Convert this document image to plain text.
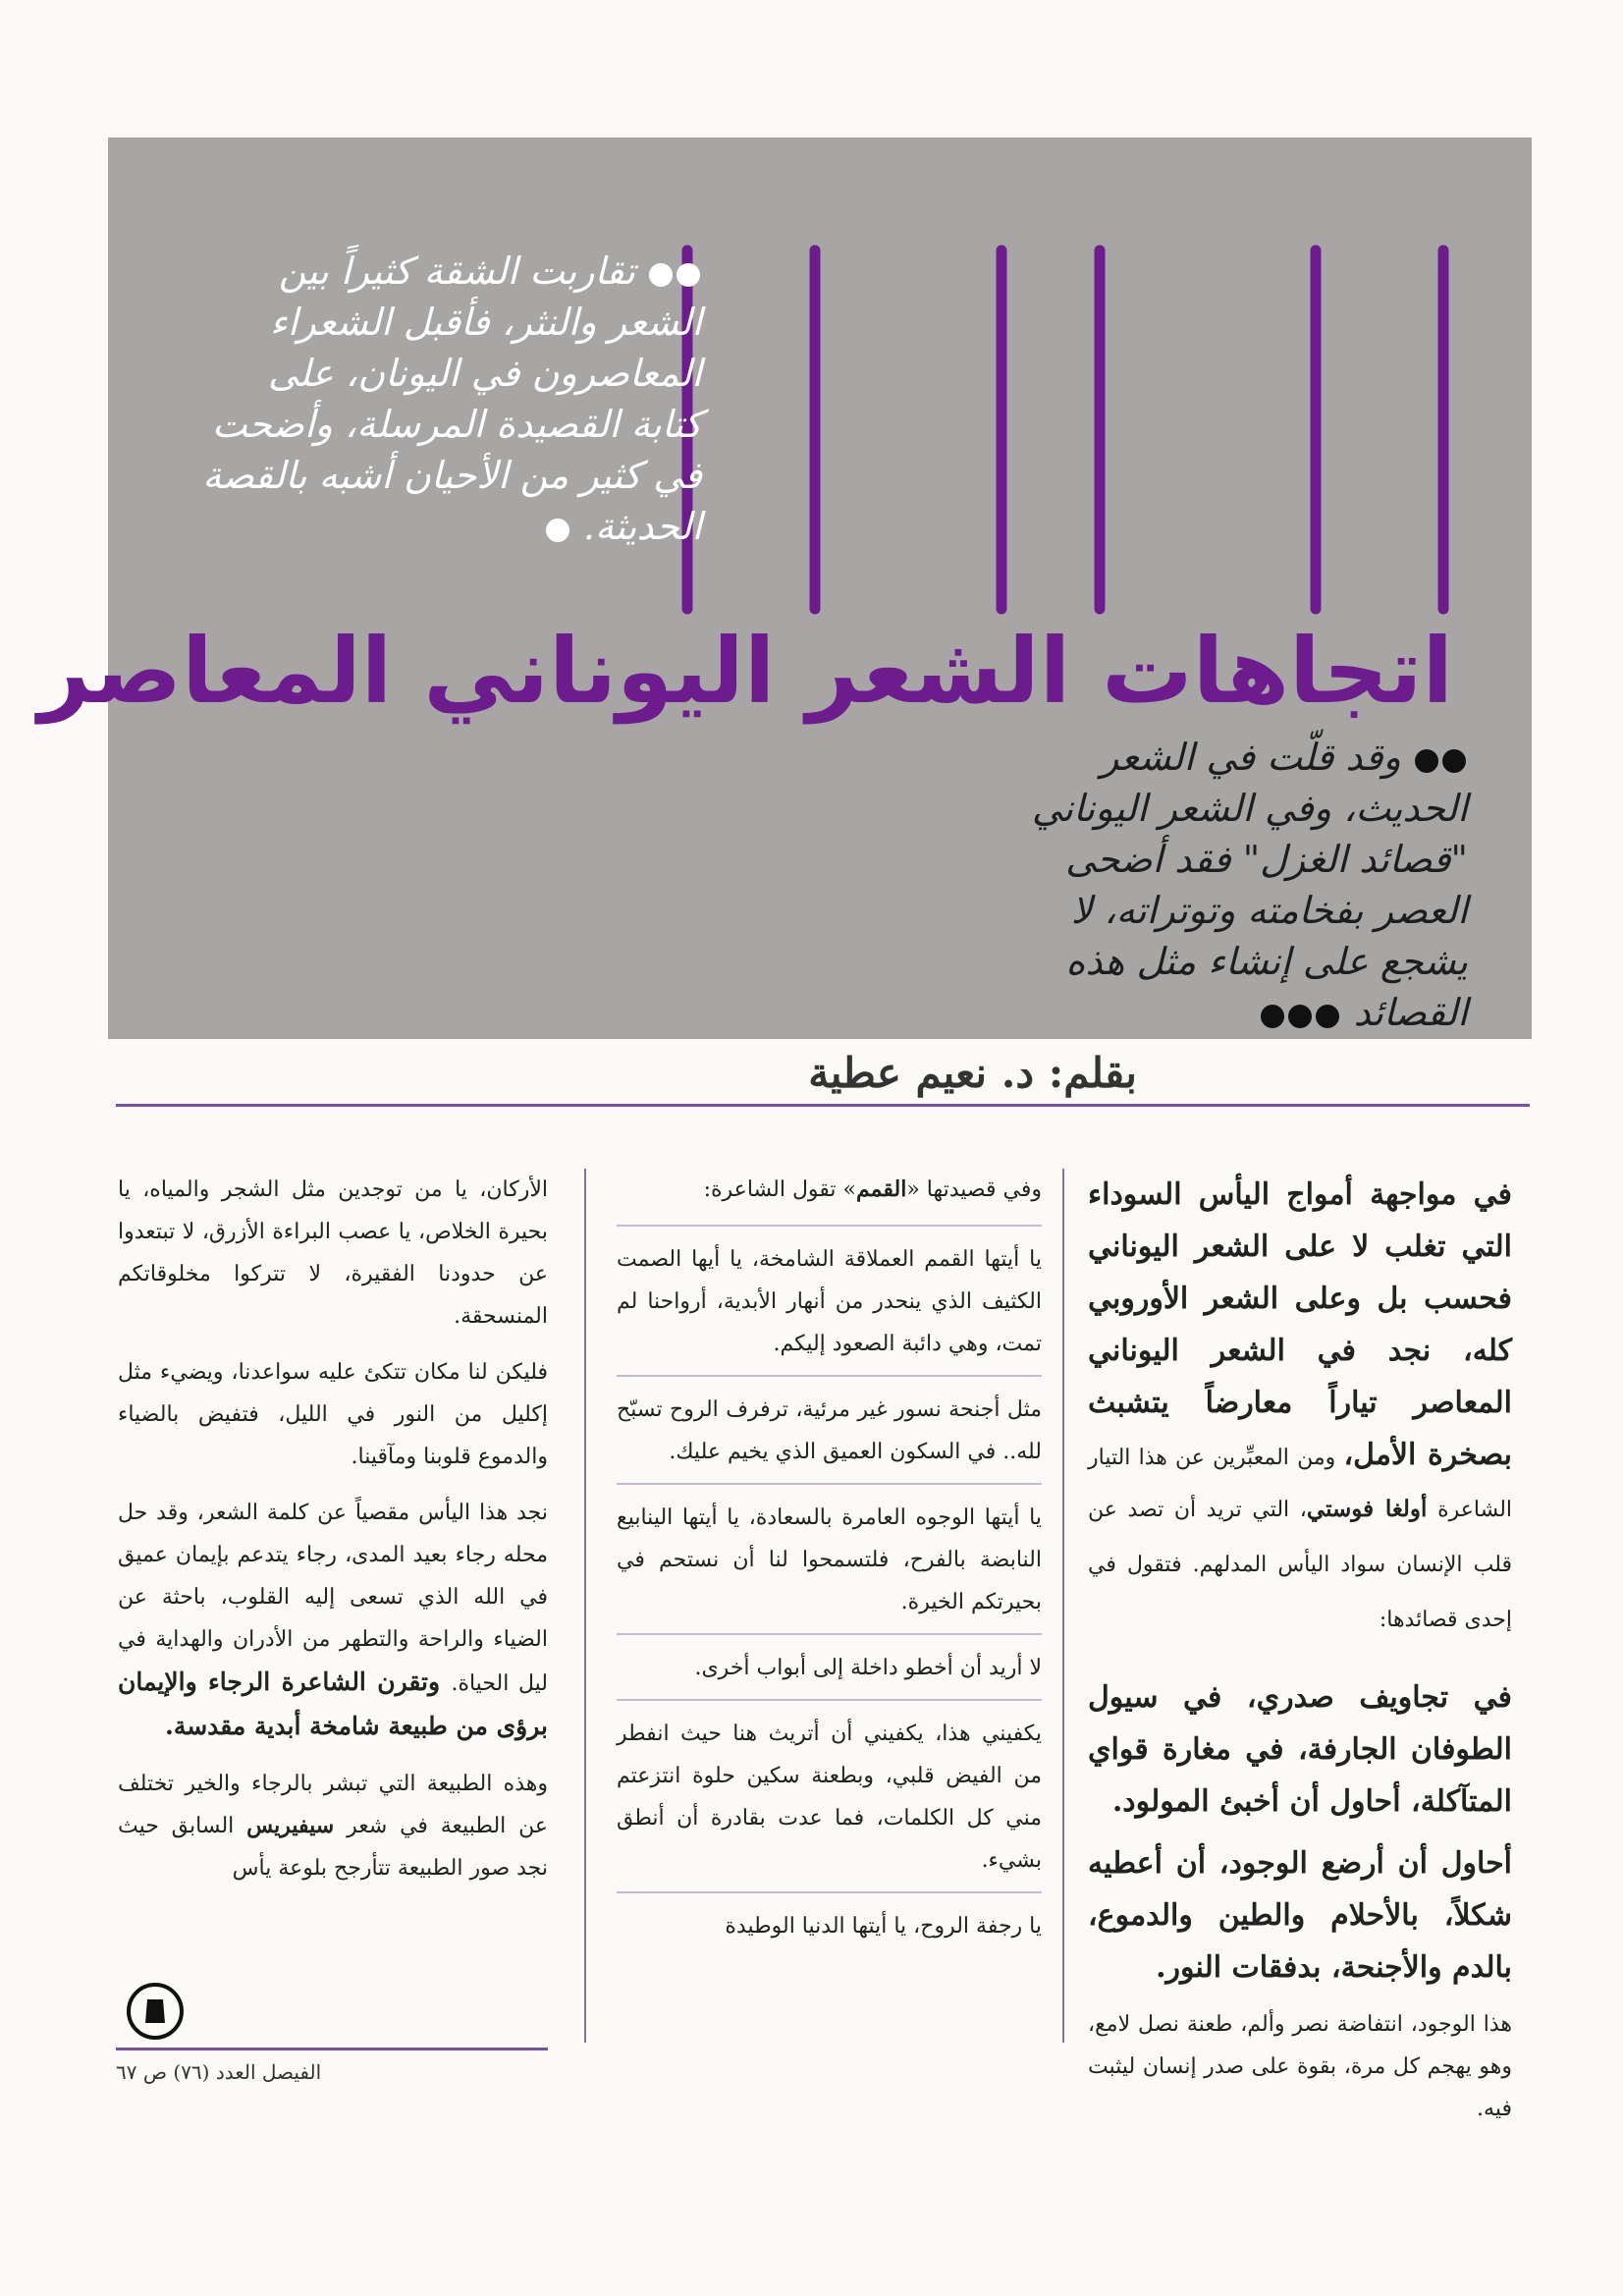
تقاربت الشقة كثيراً بين الشعر والنثر، فأقبل الشعراء المعاصرون في اليونان، على كتابة القصيدة المرسلة، وأضحت في كثير من الأحيان أشبه بالقصة الحديثة.
اتجاهات الشعر اليوناني المعاصر
وقد قلّت في الشعر الحديث، وفي الشعر اليوناني "قصائد الغزل" فقد أضحى العصر بفخامته وتوتراته، لا يشجع على إنشاء مثل هذه القصائد
بقلم: د. نعيم عطية

في مواجهة أمواج اليأس السوداء التي تغلب لا على الشعر اليوناني فحسب بل وعلى الشعر الأوروبي كله، نجد في الشعر اليوناني المعاصر تياراً معارضاً يتشبث بصخرة الأمل، ومن المعبِّرين عن هذا التيار الشاعرة أولغا فوستي، التي تريد أن تصد عن قلب الإنسان سواد اليأس المدلهم. فتقول في إحدى قصائدها:

في تجاويف صدري، في سيول الطوفان الجارفة، في مغارة قواي المتآكلة، أحاول أن أخبئ المولود.

أحاول أن أرضع الوجود، أن أعطيه شكلاً، بالأحلام والطين والدموع، بالدم والأجنحة، بدفقات النور.

هذا الوجود، انتفاضة نصر وألم، طعنة نصل لامع، وهو يهجم كل مرة، بقوة على صدر إنسان ليثبت فيه.

وفي قصيدتها «القمم» تقول الشاعرة:

يا أيتها القمم العملاقة الشامخة، يا أيها الصمت الكثيف الذي ينحدر من أنهار الأبدية، أرواحنا لم تمت، وهي دائبة الصعود إليكم.

مثل أجنحة نسور غير مرئية، ترفرف الروح تسبّح لله.. في السكون العميق الذي يخيم عليك.

يا أيتها الوجوه العامرة بالسعادة، يا أيتها الينابيع النابضة بالفرح، فلتسمحوا لنا أن نستحم في بحيرتكم الخيرة.

لا أريد أن أخطو داخلة إلى أبواب أخرى.

يكفيني هذا، يكفيني أن أتريث هنا حيث انفطر من الفيض قلبي، وبطعنة سكين حلوة انتزعتم مني كل الكلمات، فما عدت بقادرة أن أنطق بشيء.

يا رجفة الروح، يا أيتها الدنيا الوطيدة

الأركان، يا من توجدين مثل الشجر والمياه، يا بحيرة الخلاص، يا عصب البراءة الأزرق، لا تبتعدوا عن حدودنا الفقيرة، لا تتركوا مخلوقاتكم المنسحقة.

فليكن لنا مكان تتكئ عليه سواعدنا، ويضيء مثل إكليل من النور في الليل، فتفيض بالضياء والدموع قلوبنا ومآقينا.

نجد هذا اليأس مقصياً عن كلمة الشعر، وقد حل محله رجاء بعيد المدى، رجاء يتدعم بإيمان عميق في الله الذي تسعى إليه القلوب، باحثة عن الضياء والراحة والتطهر من الأدران والهداية في ليل الحياة. وتقرن الشاعرة الرجاء والإيمان برؤى من طبيعة شامخة أبدية مقدسة.

وهذه الطبيعة التي تبشر بالرجاء والخير تختلف عن الطبيعة في شعر سيفيريس السابق حيث نجد صور الطبيعة تتأرجح بلوعة يأس

الفيصل العدد (٧٦) ص ٦٧
